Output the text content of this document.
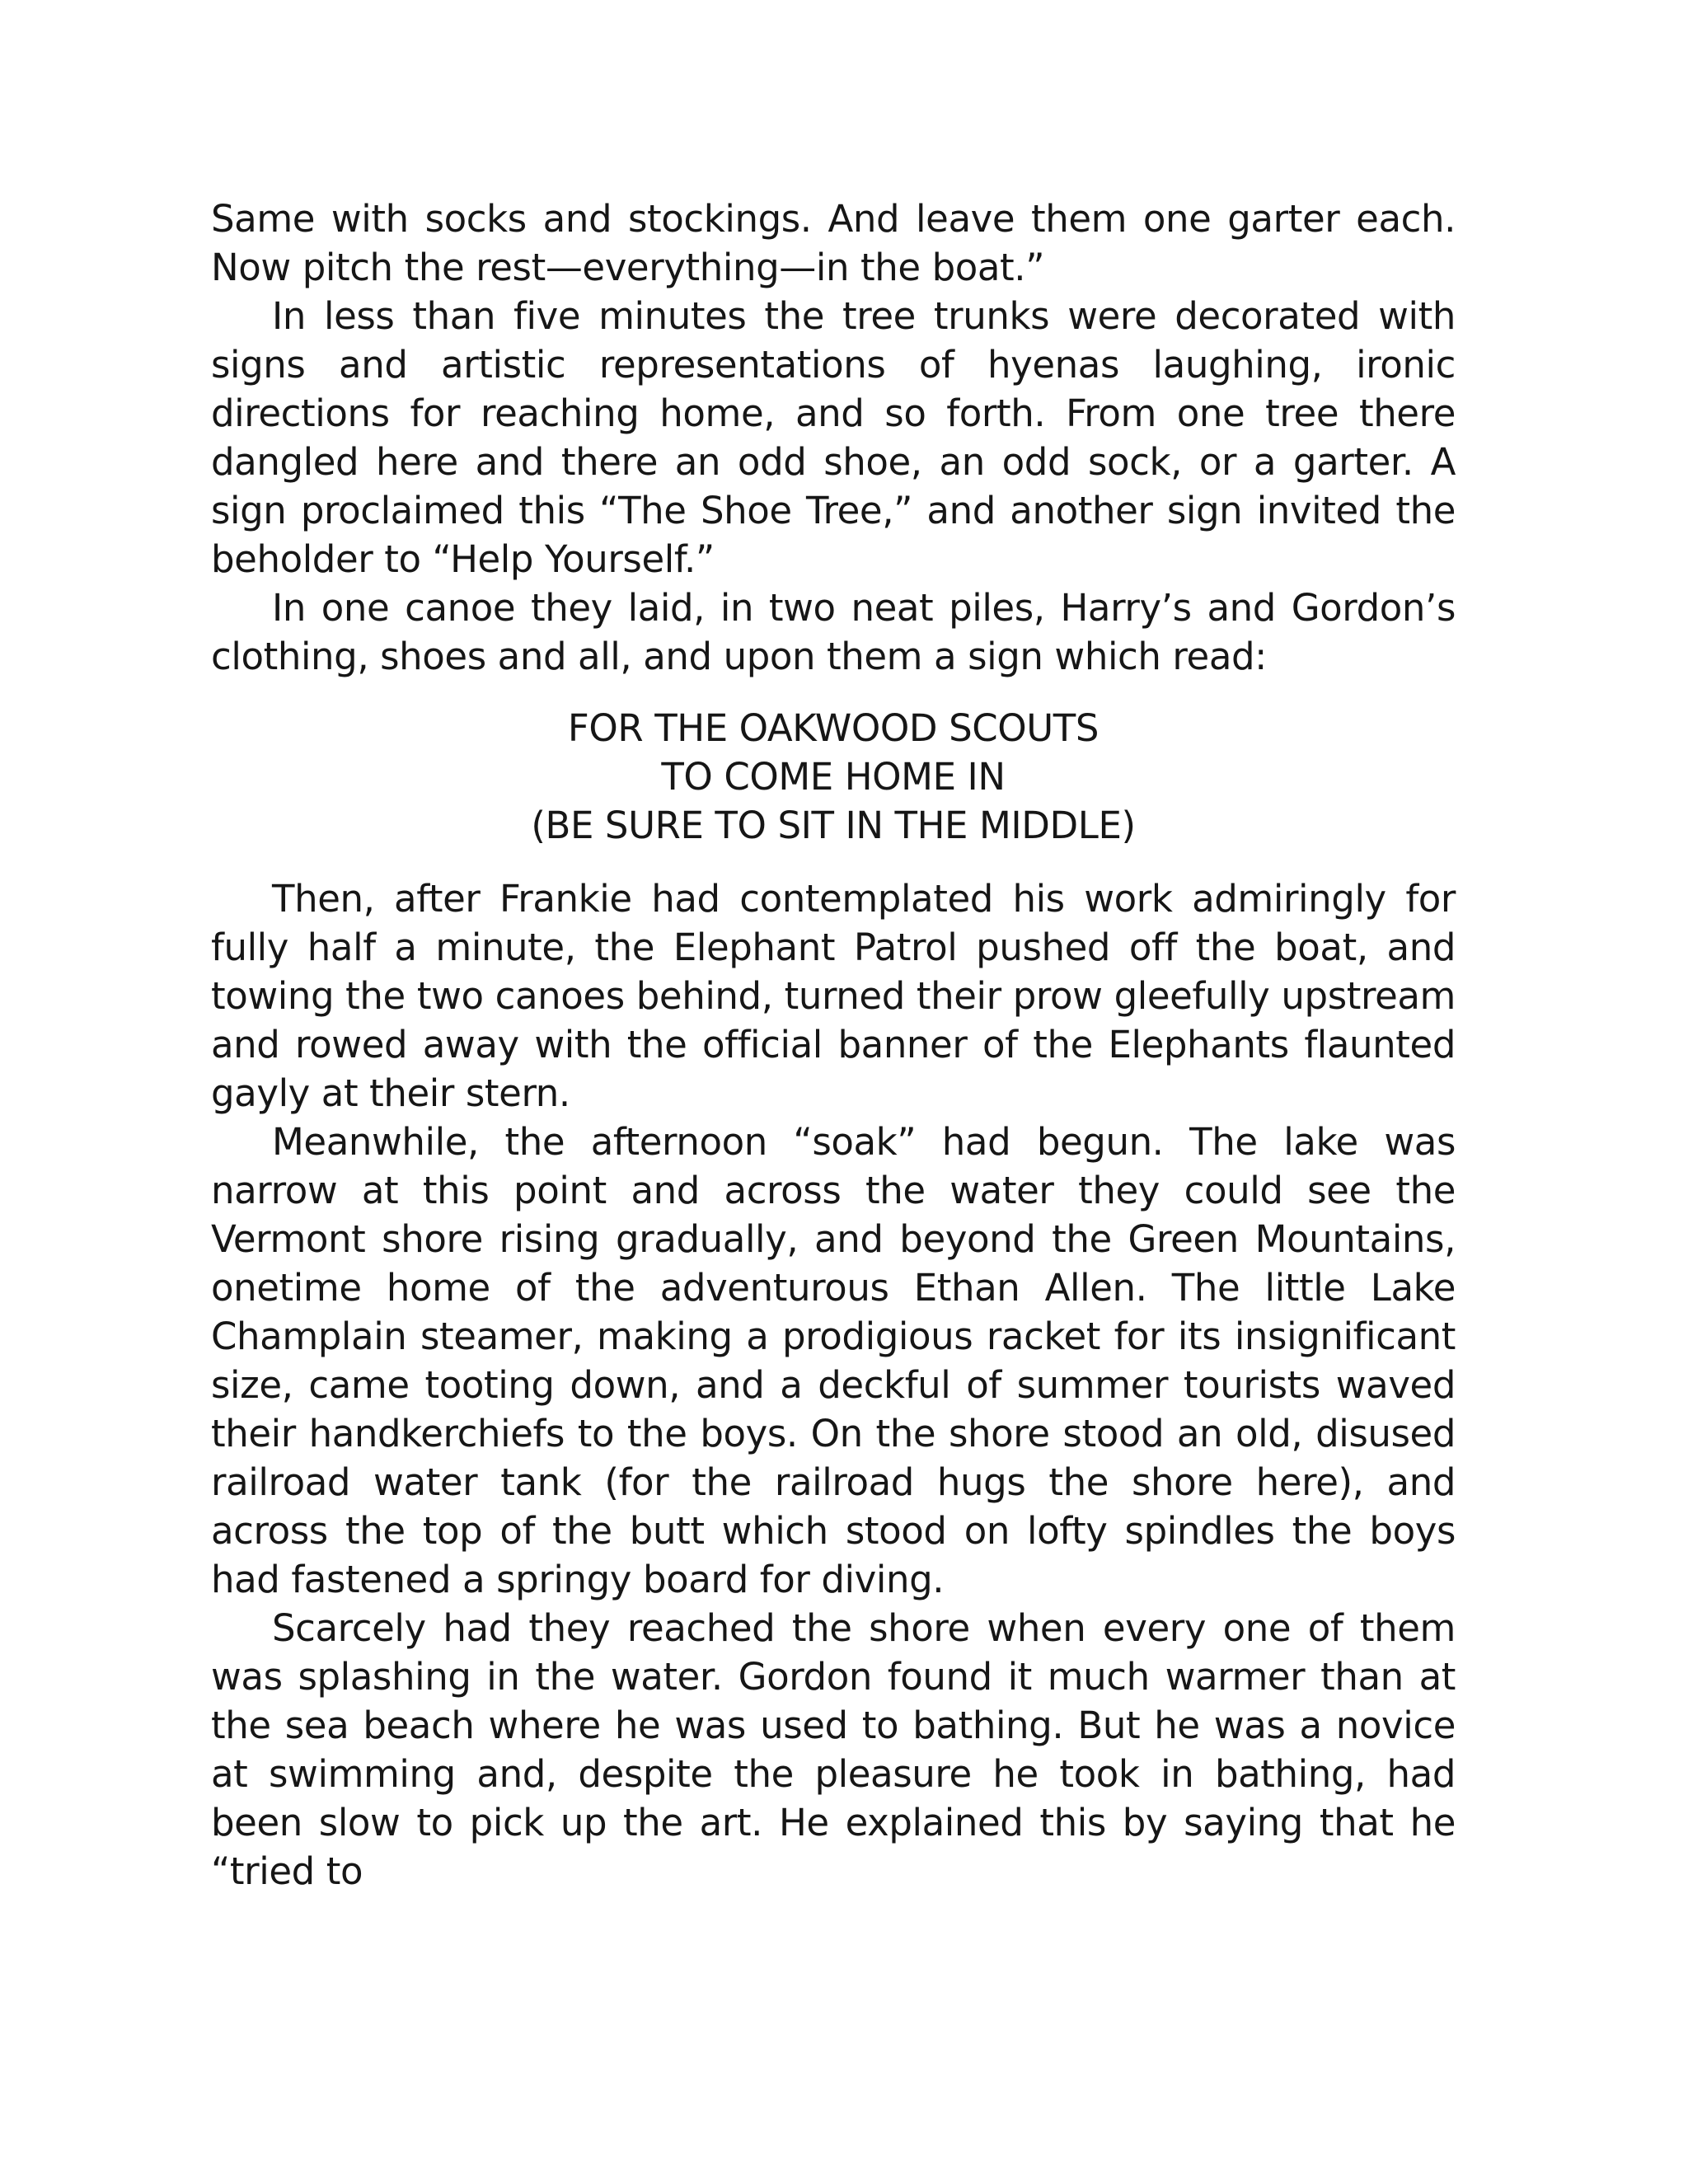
Same with socks and stockings. And leave them one garter each. Now pitch the rest—everything—in the boat.”

In less than five minutes the tree trunks were decorated with signs and artistic representations of hyenas laughing, ironic directions for reaching home, and so forth. From one tree there dangled here and there an odd shoe, an odd sock, or a garter. A sign proclaimed this “The Shoe Tree,” and another sign invited the beholder to “Help Yourself.”

In one canoe they laid, in two neat piles, Harry’s and Gordon’s clothing, shoes and all, and upon them a sign which read:

FOR THE OAKWOOD SCOUTS
TO COME HOME IN
(BE SURE TO SIT IN THE MIDDLE)

Then, after Frankie had contemplated his work admiringly for fully half a minute, the Elephant Patrol pushed off the boat, and towing the two canoes behind, turned their prow gleefully upstream and rowed away with the official banner of the Elephants flaunted gayly at their stern.

Meanwhile, the afternoon “soak” had begun. The lake was narrow at this point and across the water they could see the Vermont shore rising gradually, and beyond the Green Mountains, onetime home of the adventurous Ethan Allen. The little Lake Champlain steamer, making a prodigious racket for its insignificant size, came tooting down, and a deckful of summer tourists waved their handkerchiefs to the boys. On the shore stood an old, disused railroad water tank (for the railroad hugs the shore here), and across the top of the butt which stood on lofty spindles the boys had fastened a springy board for diving.

Scarcely had they reached the shore when every one of them was splashing in the water. Gordon found it much warmer than at the sea beach where he was used to bathing. But he was a novice at swimming and, despite the pleasure he took in bathing, had been slow to pick up the art. He explained this by saying that he “tried to
